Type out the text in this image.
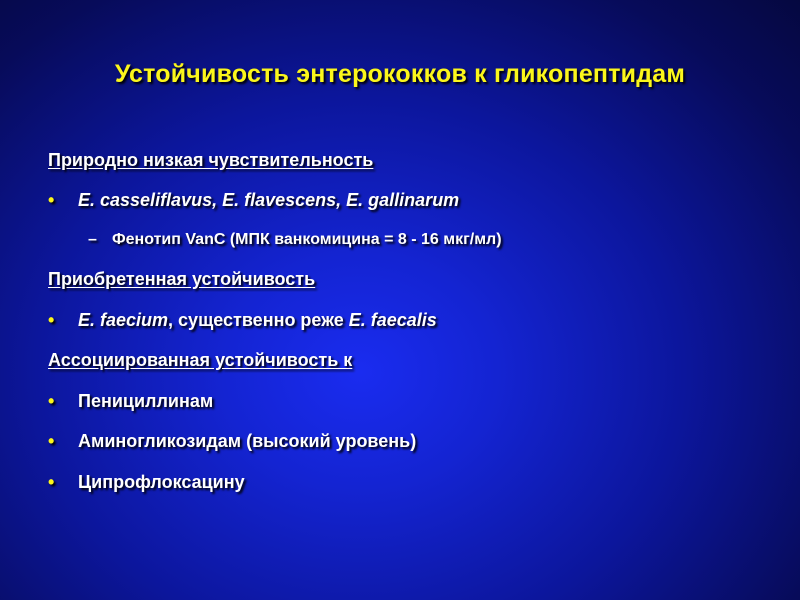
Устойчивость энтерококков к гликопептидам
Природно низкая чувствительность
• E. casseliflavus, E. flavescens, E. gallinarum
– Фенотип VanC (МПК ванкомицина = 8 - 16 мкг/мл)
Приобретенная устойчивость
• E. faecium, существенно реже E. faecalis
Ассоциированная устойчивость к
• Пенициллинам
• Аминогликозидам (высокий уровень)
• Ципрофлоксацину
